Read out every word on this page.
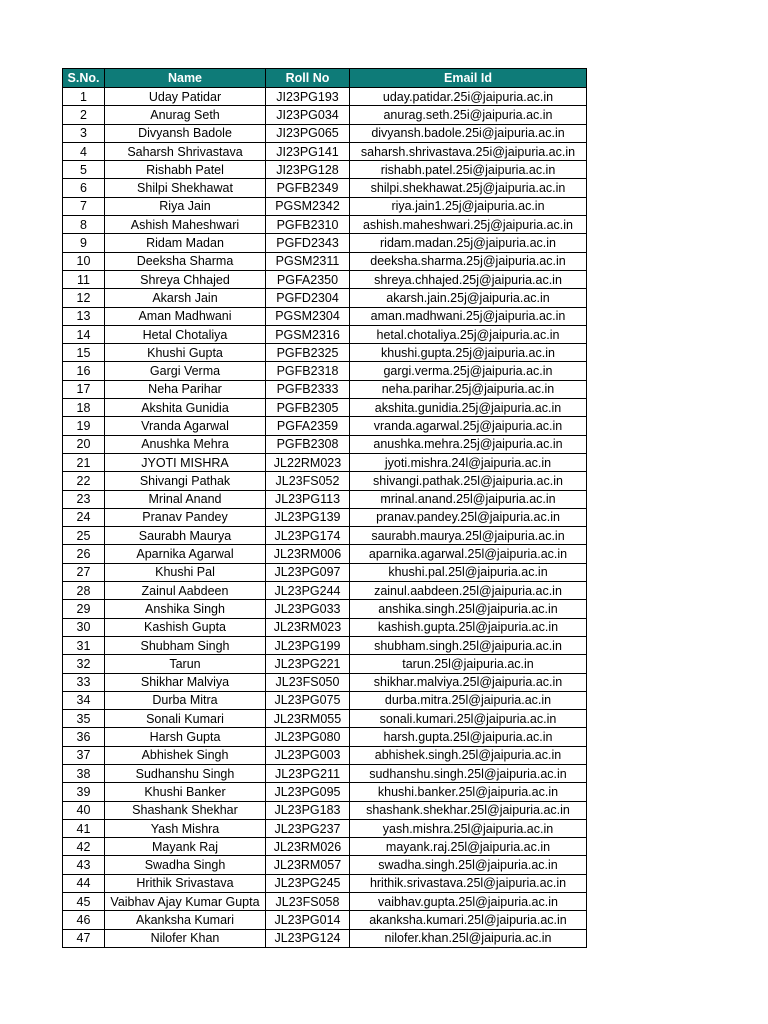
S.No.	Name	Roll No	Email Id
1	Uday Patidar	JI23PG193	uday.patidar.25i@jaipuria.ac.in
2	Anurag Seth	JI23PG034	anurag.seth.25i@jaipuria.ac.in
3	Divyansh Badole	JI23PG065	divyansh.badole.25i@jaipuria.ac.in
4	Saharsh Shrivastava	JI23PG141	saharsh.shrivastava.25i@jaipuria.ac.in
5	Rishabh Patel	JI23PG128	rishabh.patel.25i@jaipuria.ac.in
6	Shilpi Shekhawat	PGFB2349	shilpi.shekhawat.25j@jaipuria.ac.in
7	Riya Jain	PGSM2342	riya.jain1.25j@jaipuria.ac.in
8	Ashish Maheshwari	PGFB2310	ashish.maheshwari.25j@jaipuria.ac.in
9	Ridam Madan	PGFD2343	ridam.madan.25j@jaipuria.ac.in
10	Deeksha Sharma	PGSM2311	deeksha.sharma.25j@jaipuria.ac.in
11	Shreya Chhajed	PGFA2350	shreya.chhajed.25j@jaipuria.ac.in
12	Akarsh Jain	PGFD2304	akarsh.jain.25j@jaipuria.ac.in
13	Aman Madhwani	PGSM2304	aman.madhwani.25j@jaipuria.ac.in
14	Hetal Chotaliya	PGSM2316	hetal.chotaliya.25j@jaipuria.ac.in
15	Khushi Gupta	PGFB2325	khushi.gupta.25j@jaipuria.ac.in
16	Gargi Verma	PGFB2318	gargi.verma.25j@jaipuria.ac.in
17	Neha Parihar	PGFB2333	neha.parihar.25j@jaipuria.ac.in
18	Akshita Gunidia	PGFB2305	akshita.gunidia.25j@jaipuria.ac.in
19	Vranda Agarwal	PGFA2359	vranda.agarwal.25j@jaipuria.ac.in
20	Anushka Mehra	PGFB2308	anushka.mehra.25j@jaipuria.ac.in
21	JYOTI MISHRA	JL22RM023	jyoti.mishra.24l@jaipuria.ac.in
22	Shivangi Pathak	JL23FS052	shivangi.pathak.25l@jaipuria.ac.in
23	Mrinal Anand	JL23PG113	mrinal.anand.25l@jaipuria.ac.in
24	Pranav Pandey	JL23PG139	pranav.pandey.25l@jaipuria.ac.in
25	Saurabh Maurya	JL23PG174	saurabh.maurya.25l@jaipuria.ac.in
26	Aparnika Agarwal	JL23RM006	aparnika.agarwal.25l@jaipuria.ac.in
27	Khushi Pal	JL23PG097	khushi.pal.25l@jaipuria.ac.in
28	Zainul Aabdeen	JL23PG244	zainul.aabdeen.25l@jaipuria.ac.in
29	Anshika Singh	JL23PG033	anshika.singh.25l@jaipuria.ac.in
30	Kashish Gupta	JL23RM023	kashish.gupta.25l@jaipuria.ac.in
31	Shubham Singh	JL23PG199	shubham.singh.25l@jaipuria.ac.in
32	Tarun	JL23PG221	tarun.25l@jaipuria.ac.in
33	Shikhar Malviya	JL23FS050	shikhar.malviya.25l@jaipuria.ac.in
34	Durba Mitra	JL23PG075	durba.mitra.25l@jaipuria.ac.in
35	Sonali Kumari	JL23RM055	sonali.kumari.25l@jaipuria.ac.in
36	Harsh Gupta	JL23PG080	harsh.gupta.25l@jaipuria.ac.in
37	Abhishek Singh	JL23PG003	abhishek.singh.25l@jaipuria.ac.in
38	Sudhanshu Singh	JL23PG211	sudhanshu.singh.25l@jaipuria.ac.in
39	Khushi Banker	JL23PG095	khushi.banker.25l@jaipuria.ac.in
40	Shashank Shekhar	JL23PG183	shashank.shekhar.25l@jaipuria.ac.in
41	Yash Mishra	JL23PG237	yash.mishra.25l@jaipuria.ac.in
42	Mayank Raj	JL23RM026	mayank.raj.25l@jaipuria.ac.in
43	Swadha Singh	JL23RM057	swadha.singh.25l@jaipuria.ac.in
44	Hrithik Srivastava	JL23PG245	hrithik.srivastava.25l@jaipuria.ac.in
45	Vaibhav Ajay Kumar Gupta	JL23FS058	vaibhav.gupta.25l@jaipuria.ac.in
46	Akanksha Kumari	JL23PG014	akanksha.kumari.25l@jaipuria.ac.in
47	Nilofer Khan	JL23PG124	nilofer.khan.25l@jaipuria.ac.in
